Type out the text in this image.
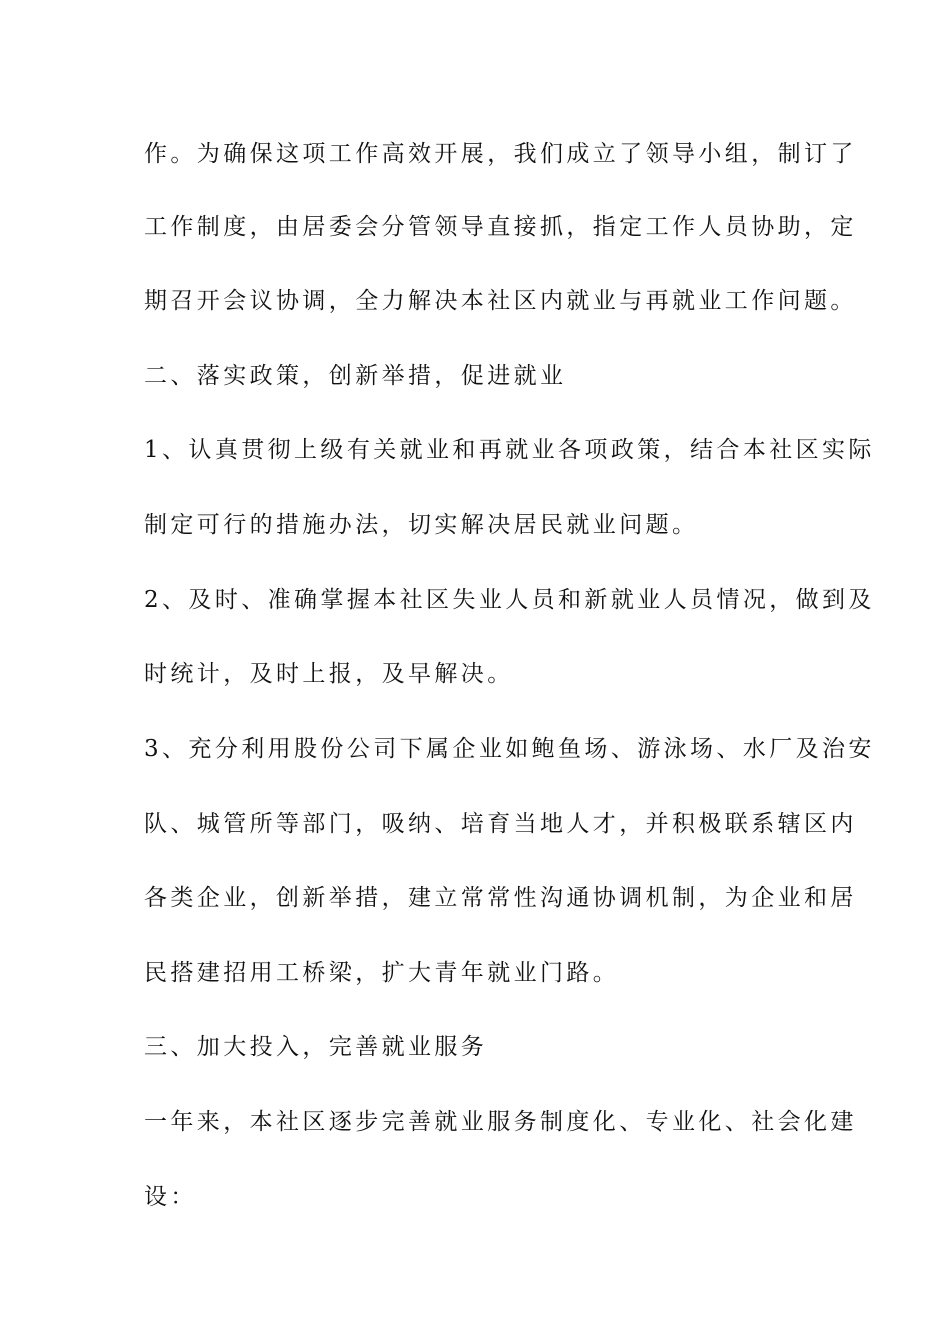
作。为确保这项工作高效开展，我们成立了领导小组，制订了
工作制度，由居委会分管领导直接抓，指定工作人员协助，定
期召开会议协调，全力解决本社区内就业与再就业工作问题。
二、落实政策，创新举措，促进就业
1、认真贯彻上级有关就业和再就业各项政策，结合本社区实际
制定可行的措施办法，切实解决居民就业问题。
2、及时、准确掌握本社区失业人员和新就业人员情况，做到及
时统计，及时上报，及早解决。
3、充分利用股份公司下属企业如鲍鱼场、游泳场、水厂及治安
队、城管所等部门，吸纳、培育当地人才，并积极联系辖区内
各类企业，创新举措，建立常常性沟通协调机制，为企业和居
民搭建招用工桥梁，扩大青年就业门路。
三、加大投入，完善就业服务
一年来，本社区逐步完善就业服务制度化、专业化、社会化建
设：
